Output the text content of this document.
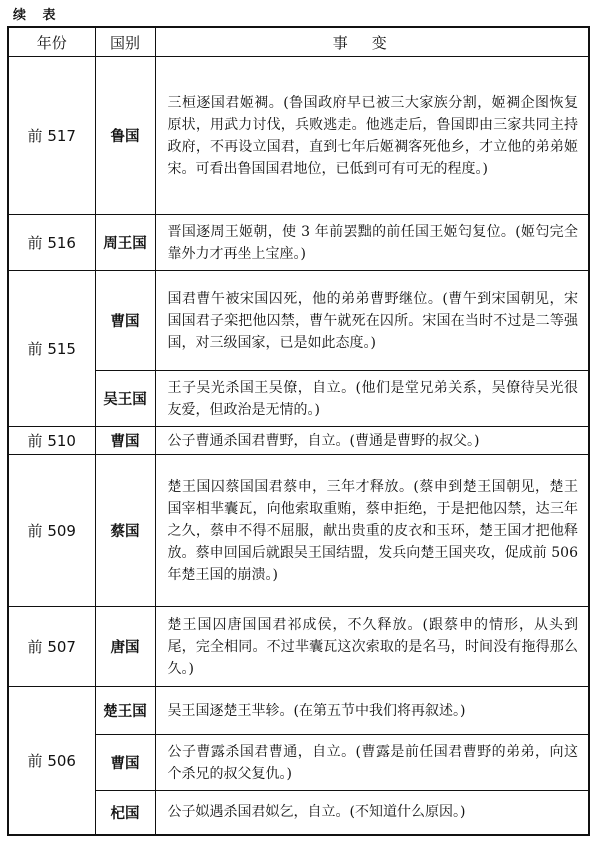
续 表
年份	国别	事变
前 517	鲁国	三桓逐国君姬裯。(鲁国政府早已被三大家族分割，姬裯企图恢复原状，用武力讨伐，兵败逃走。他逃走后，鲁国即由三家共同主持政府，不再设立国君，直到七年后姬裯客死他乡，才立他的弟弟姬宋。可看出鲁国国君地位，已低到可有可无的程度。)
前 516	周王国	晋国逐周王姬朝，使 3 年前罢黜的前任国王姬匄复位。(姬匄完全靠外力才再坐上宝座。)
前 515	曹国	国君曹午被宋国囚死，他的弟弟曹野继位。(曹午到宋国朝见，宋国国君子栾把他囚禁，曹午就死在囚所。宋国在当时不过是二等强国，对三级国家，已是如此态度。)
	吴王国	王子吴光杀国王吴僚，自立。(他们是堂兄弟关系，吴僚待吴光很友爱，但政治是无情的。)
前 510	曹国	公子曹通杀国君曹野，自立。(曹通是曹野的叔父。)
前 509	蔡国	楚王国囚蔡国国君蔡申，三年才释放。(蔡申到楚王国朝见，楚王国宰相芈囊瓦，向他索取重贿，蔡申拒绝，于是把他囚禁，达三年之久，蔡申不得不屈服，献出贵重的皮衣和玉环，楚王国才把他释放。蔡申回国后就跟吴王国结盟，发兵向楚王国夹攻，促成前 506 年楚王国的崩溃。)
前 507	唐国	楚王国囚唐国国君祁成侯，不久释放。(跟蔡申的情形，从头到尾，完全相同。不过芈囊瓦这次索取的是名马，时间没有拖得那么久。)
前 506	楚王国	吴王国逐楚王芈轸。(在第五节中我们将再叙述。)
	曹国	公子曹露杀国君曹通，自立。(曹露是前任国君曹野的弟弟，向这个杀兄的叔父复仇。)
	杞国	公子姒遇杀国君姒乞，自立。(不知道什么原因。)
